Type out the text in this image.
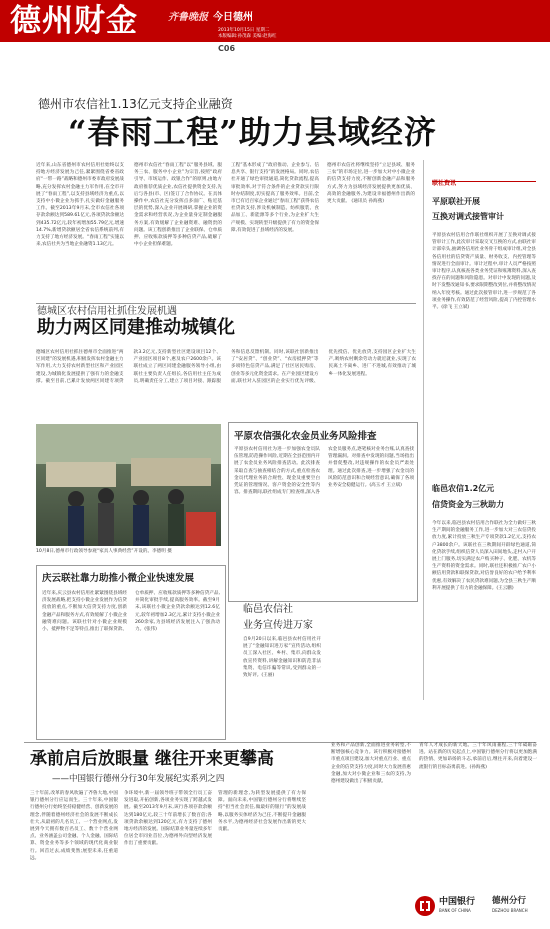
德州财金	齐鲁晚报 今日德州
2013年10月15日 星期二
本版编辑:孙茂森 美编:赵海红
C06
德州市农信社1.13亿元支持企业融资
“春雨工程”助力县域经济
近年来,山东省德州市农村信用社始终以支持地方经济发展为己任,紧紧围绕省委省政府“一带一路”战略和德州市委市政府发展战略,充分发挥农村金融主力军作用,在全市开展了“春雨工程”,以支持县域经济为重点,以支持中小微企业为抓手,扎实做好金融服务工作。截至2013年9月末,全市农信社各项存款余额达到589.61亿元,各项贷款余额达到435.72亿元,较年初增加55.79亿元,增速14.7%,新增贷款额居全省农信系统前列,有力支持了地方经济发展。“春雨工程”实施以来,农信社共为当地企业融资1.13亿元。
德州市农信社“春雨工程”以“服务县域、服务三农、服务中小企业”为宗旨,按照“政府引导、市场运作、政银合作”的原则,由地方政府推荐优质企业,农信社提供资金支持,先后与各县(市、区)签订了合作协议。在具体操作中,农信社充分发挥点多面广、贴近基层的优势,深入企业开展调研,掌握企业的资金需求和经营状况,为企业量身定制金融服务方案,有效缓解了企业融资难、融资贵的问题。该工程创新推出了企业联保、仓单质押、应收账款质押等多种信贷产品,破解了中小企业担保难题。
工程”基本形成了“政府推动、企业参与、信息共享、银行支持”的发展格局。同时,农信社开通了绿色审批通道,简化贷款流程,提高审批效率,对于符合条件的企业贷款实行限时办结制度,切实提高了服务效率。目前,全市已有近百家企业通过“春雨工程”获得农信社贷款支持,涉及机械制造、纺织服装、食品加工、新能源等多个行业,为企业扩大生产规模、实现转型升级提供了有力的资金保障,有效促进了县域经济的发展。
德州市农信社将继续坚持“立足县域、服务三农”的市场定位,进一步加大对中小微企业的信贷支持力度,不断创新金融产品和服务方式,努力为县域经济发展提供更加优质、高效的金融服务,为建设幸福德州作出新的更大贡献。 (通讯员 孙海燕)
联社资讯
平原联社开展
互换对调式接管审计
平原县农村信用合作联社组织开展了互换对调式接管审计工作,此次审计采取交叉互换的方式,由联社审计部牵头,抽调各信用社业务骨干组成审计组,对全县各信用社的信贷资产质量、财务收支、内控管理等情况进行全面审计。审计过程中,审计人员严格按照审计程序,认真核查各类业务凭证和账簿资料,深入查找存在的问题和风险隐患。对审计中发现的问题,及时下发整改通知书,要求限期整改到位,并将整改情况纳入年度考核。通过此次接管审计,进一步规范了各项业务操作,有效防范了经营风险,提高了内控管理水平。(徐飞 王立斌)
临邑农信1.2亿元
信贷资金为三秋助力
今年以来,临邑县农村信用合作联社为全力做好三秋生产期间的金融服务工作,进一步加大对三农信贷投放力度,累计投放三秋生产专项贷款1.2亿元,支持农户3800余户。该联社在三秋期间开辟绿色通道,简化贷款手续,组织信贷人员深入田间地头,走村入户开展上门服务,切实满足农户购买种子、化肥、农机等生产资料的资金需求。同时,联社还积极推广农户小额信用贷款和联保贷款,对信誉良好的农户给予利率优惠,有效解决了农民贷款难问题,为全县三秋生产顺利开展提供了有力的金融保障。(王云鹏)
德城区农村信用社抓住发展机遇
助力两区同建推动城镇化
德城区农村信用社抓住德州市全面推进“两区同建”的发展机遇,积极发挥农村金融主力军作用,大力支持农村新型社区和产业园区建设,为城镇化发展提供了强有力的金融支撑。截至目前,已累计发放两区同建专项贷款3.2亿元,支持新型社区建设项目12个、产业园区项目8个,惠及农户2600余户。该联社成立了两区同建金融服务领导小组,由联社主要负责人任组长,各信用社主任为成员,明确责任分工,建立了项目对接、跟踪服务和信息反馈机制。同时,该联社创新推出了“安居贷”、“创业贷”、“农房抵押贷”等多项特色信贷产品,满足了社区居民购房、创业等多元化资金需求。在产业园区建设方面,联社对入驻园区的企业实行优先评级、优先授信、优先放贷,支持园区企业扩大生产,吸纳农村剩余劳动力就近就业,实现了农民离土不离乡、进厂不进城,有效推动了城乡一体化发展进程。
10月8日,德州市行政领导参观“家具人事典经营”开设的。李德明 摄
平原农信强化农金员业务风险排查
平原县农村信用社为进一步加强农金员队伍管理,防范操作风险,近期在全县范围内开展了农金员业务风险排查活动。此次排查采取自查与抽查相结合的方式,重点检查农金员代理业务的合规性、现金及重要空白凭证的管理情况、客户资金的安全性等内容。排查期间,联社组成专门检查组,深入各农金员服务点,逐笔核对业务台账,认真查找管理漏洞。对排查中发现的问题,当场指出并督促整改,对违规操作的农金员严肃处理。通过此次排查,进一步增强了农金员的风险防范意识和合规经营意识,确保了各项业务安全稳健运行。(高玉才 王立斌)
庆云联社靠力助推小微企业快速发展
近年来,庆云县农村信用社紧紧围绕县域经济发展战略,把支持小微企业发展作为信贷投放的重点,不断加大信贷支持力度,创新金融产品和服务方式,有效缓解了小微企业融资难问题。该联社针对小微企业规模小、抵押物不足等特点,推出了联保贷款、仓单质押、应收账款质押等多种信贷产品,并简化审批手续,提高服务效率。截至9月末,该联社小微企业贷款余额达到12.6亿元,较年初增加2.3亿元,累计支持小微企业260余家,为县域经济发展注入了强劲动力。(张伟)
临邑农信社
业务宣传进万家
自9月20日以来,临邑县农村信用社开展了“金融知识进万家”宣传活动,组织员工深入社区、乡村、集市,向群众发放宣传资料,讲解金融知识和防范非法集资、电信诈骗等常识,受到群众的一致好评。(王丽)
承前启后放眼量 继往开来更攀高
——中国银行德州分行30年发展纪实系列之四
三十年前,改革的春风吹遍了齐鲁大地,中国银行德州分行应运而生。三十年来,中国银行德州分行始终坚持稳健经营、创新发展的理念,伴随着德州经济社会的发展不断成长壮大,从最初的几名员工、一个营业网点,发展到今天拥有数百名员工、数十个营业网点、业务涵盖公司金融、个人金融、国际结算、资金业务等多个领域的现代化商业银行。回首过去,成绩斐然;展望未来,任重道远。
争环境中,新一届领导班子带领全行员工奋发进取,开拓创新,各项业务实现了跨越式发展。截至2013年9月末,该行各项存款余额达到180亿元,较三十年前增长了数百倍;各项贷款余额达到120亿元,有力支持了德州地方经济的发展。国际结算业务量连续多年位居全市同业首位,为德州外向型经济发展作出了重要贡献。
管理的新理念,为转型发展提供了有力保障。面向未来,中国银行德州分行将继续坚持“担当社会责任,做最好的银行”的发展战略,以服务实体经济为己任,不断提升金融服务水平,为德州经济社会发展作出新的更大贡献。
业务和产品创新,全面推进业务转型,不断增强核心竞争力。该行积极对接德州市重点项目建设,加大对重点行业、重点企业的信贷支持力度,同时大力发展普惠金融,加大对小微企业和三农的支持,为德州建设做出了积极贡献。
青年人才成长的新天地。三十年风雨兼程,三十年砥砺奋进。站在新的历史起点上,中国银行德州分行将以更加饱满的热情、更加昂扬的斗志,承前启后,继往开来,向着建设一流银行的目标奋勇前进。(孙海燕)
中国银行
BANK OF CHINA
德州分行
DEZHOU BRANCH
